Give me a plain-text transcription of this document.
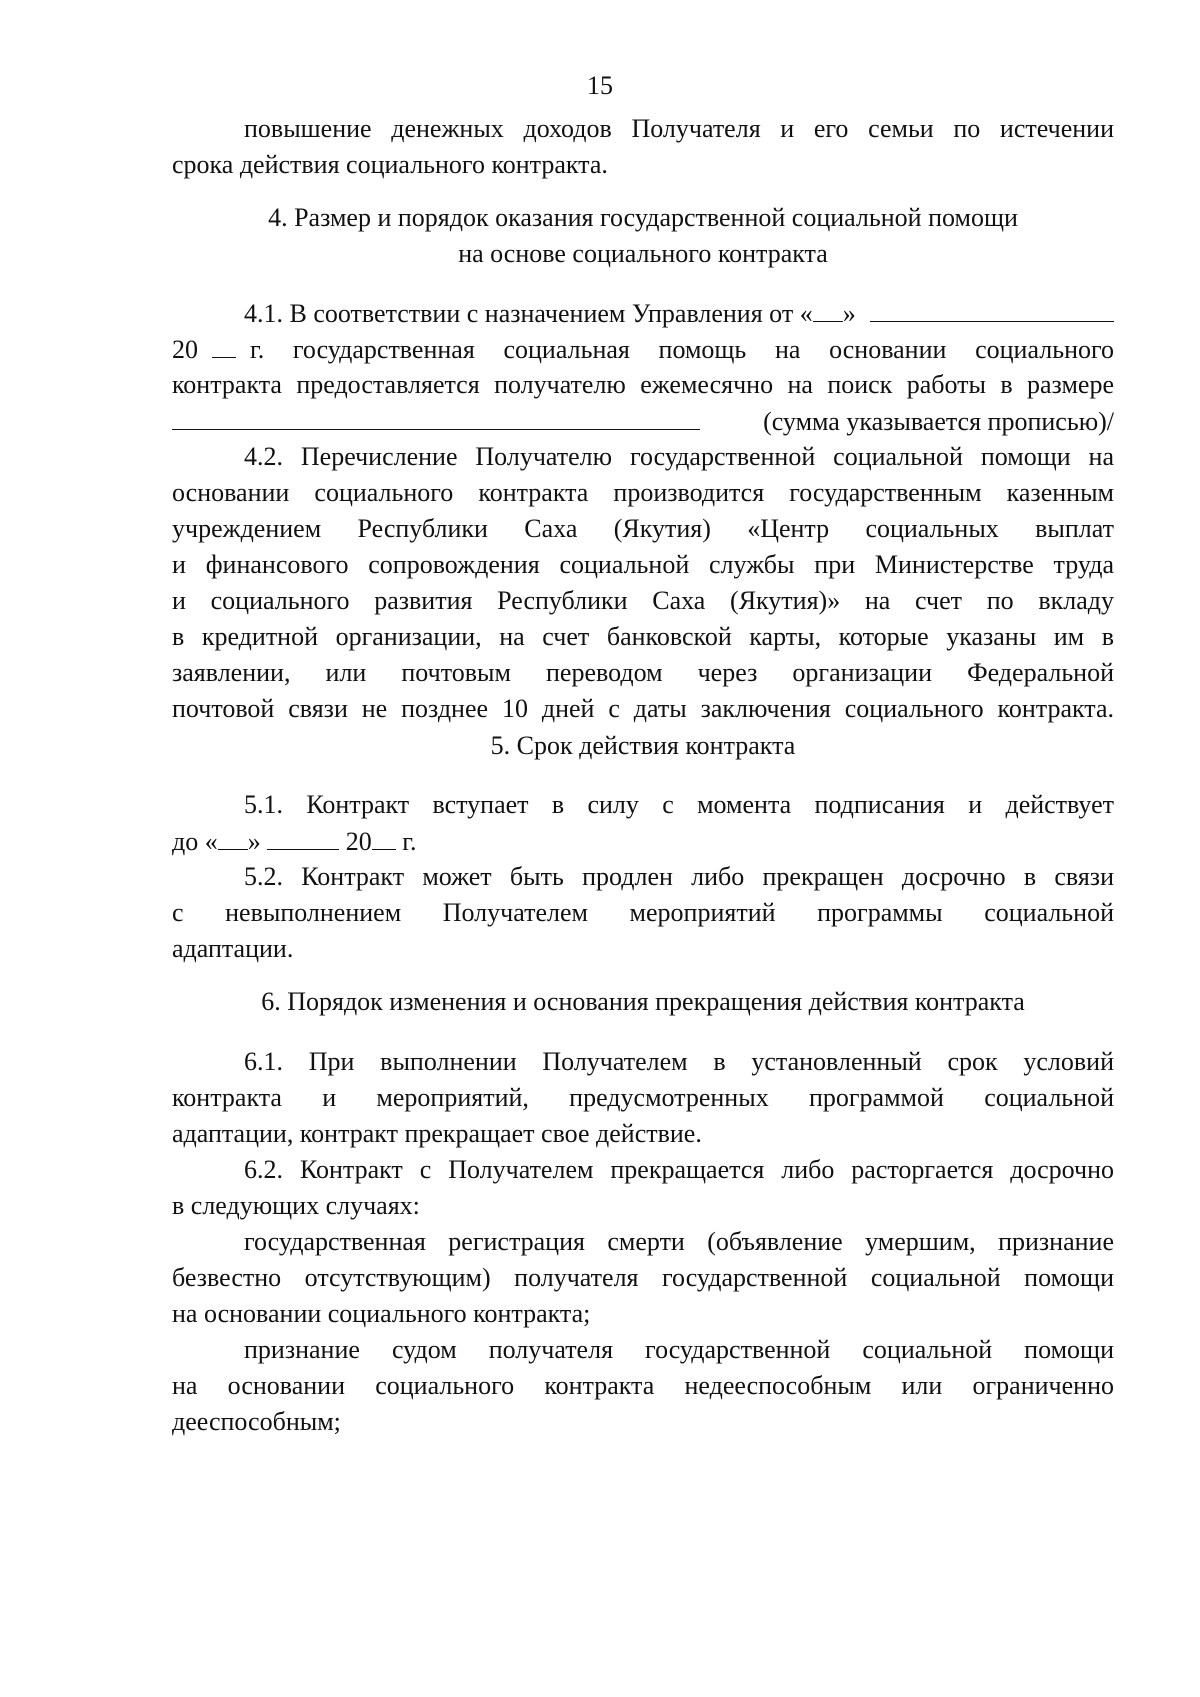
15
повышение денежных доходов Получателя и его семьи по истечении
срока действия социального контракта.
4. Размер и порядок оказания государственной социальной помощи
на основе социального контракта
4.1. В соответствии с назначением Управления от « »
20 г. государственная социальная помощь на основании социального
контракта предоставляется получателю ежемесячно на поиск работы в размере
(сумма указывается прописью)/
4.2. Перечисление Получателю государственной социальной помощи на
основании социального контракта производится государственным казенным
учреждением Республики Саха (Якутия) «Центр социальных выплат
и финансового сопровождения социальной службы при Министерстве труда
и социального развития Республики Саха (Якутия)» на счет по вкладу
в кредитной организации, на счет банковской карты, которые указаны им в
заявлении, или почтовым переводом через организации Федеральной
почтовой связи не позднее 10 дней с даты заключения социального контракта.
5. Срок действия контракта
5.1. Контракт вступает в силу с момента подписания и действует
до « »	20 г.
5.2. Контракт может быть продлен либо прекращен досрочно в связи
с невыполнением Получателем мероприятий программы социальной
адаптации.
6. Порядок изменения и основания прекращения действия контракта
6.1. При выполнении Получателем в установленный срок условий
контракта и мероприятий, предусмотренных программой социальной
адаптации, контракт прекращает свое действие.
6.2. Контракт с Получателем прекращается либо расторгается досрочно
в следующих случаях:
государственная регистрация смерти (объявление умершим, признание
безвестно отсутствующим) получателя государственной социальной помощи
на основании социального контракта;
признание судом получателя государственной социальной помощи
на основании социального контракта недееспособным или ограниченно
дееспособным;
